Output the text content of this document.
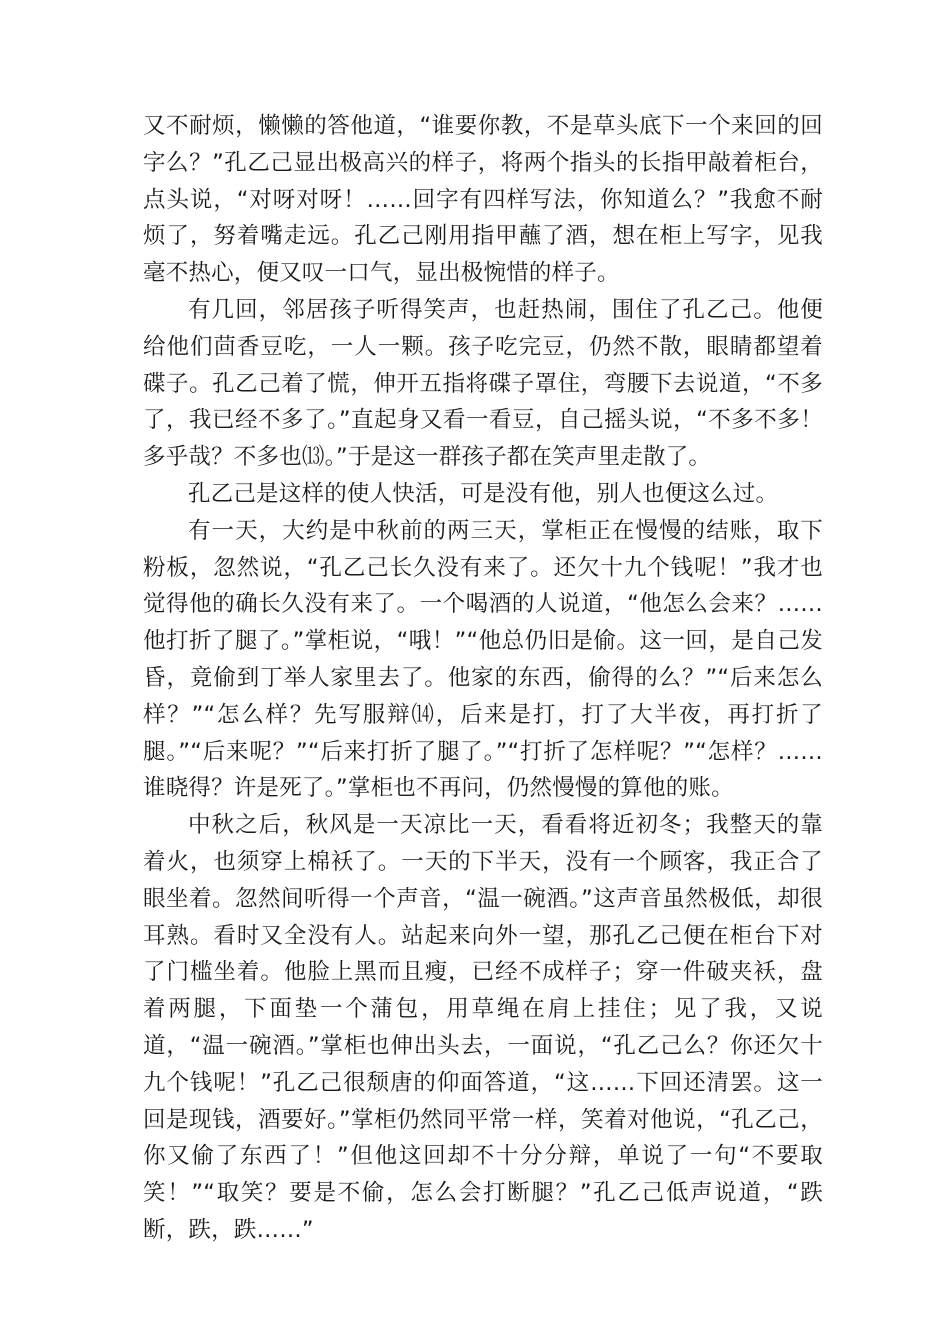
又不耐烦，懒懒的答他道，“谁要你教，不是草头底下一个来回的回字么？”孔乙己显出极高兴的样子，将两个指头的长指甲敲着柜台，点头说，“对呀对呀！……回字有四样写法，你知道么？”我愈不耐烦了，努着嘴走远。孔乙己刚用指甲蘸了酒，想在柜上写字，见我毫不热心，便又叹一口气，显出极惋惜的样子。

有几回，邻居孩子听得笑声，也赶热闹，围住了孔乙己。他便给他们茴香豆吃，一人一颗。孩子吃完豆，仍然不散，眼睛都望着碟子。孔乙己着了慌，伸开五指将碟子罩住，弯腰下去说道，“不多了，我已经不多了。”直起身又看一看豆，自己摇头说，“不多不多！多乎哉？不多也⒀。”于是这一群孩子都在笑声里走散了。

孔乙己是这样的使人快活，可是没有他，别人也便这么过。

有一天，大约是中秋前的两三天，掌柜正在慢慢的结账，取下粉板，忽然说，“孔乙己长久没有来了。还欠十九个钱呢！”我才也觉得他的确长久没有来了。一个喝酒的人说道，“他怎么会来？……他打折了腿了。”掌柜说，“哦！”“他总仍旧是偷。这一回，是自己发昏，竟偷到丁举人家里去了。他家的东西，偷得的么？”“后来怎么样？”“怎么样？先写服辩⒁，后来是打，打了大半夜，再打折了腿。”“后来呢？”“后来打折了腿了。”“打折了怎样呢？”“怎样？……谁晓得？许是死了。”掌柜也不再问，仍然慢慢的算他的账。

中秋之后，秋风是一天凉比一天，看看将近初冬；我整天的靠着火，也须穿上棉袄了。一天的下半天，没有一个顾客，我正合了眼坐着。忽然间听得一个声音，“温一碗酒。”这声音虽然极低，却很耳熟。看时又全没有人。站起来向外一望，那孔乙己便在柜台下对了门槛坐着。他脸上黑而且瘦，已经不成样子；穿一件破夹袄，盘着两腿，下面垫一个蒲包，用草绳在肩上挂住；见了我，又说道，“温一碗酒。”掌柜也伸出头去，一面说，“孔乙己么？你还欠十九个钱呢！”孔乙己很颓唐的仰面答道，“这……下回还清罢。这一回是现钱，酒要好。”掌柜仍然同平常一样，笑着对他说，“孔乙己，你又偷了东西了！”但他这回却不十分分辩，单说了一句“不要取笑！”“取笑？要是不偷，怎么会打断腿？”孔乙己低声说道，“跌断，跌，跌……”
